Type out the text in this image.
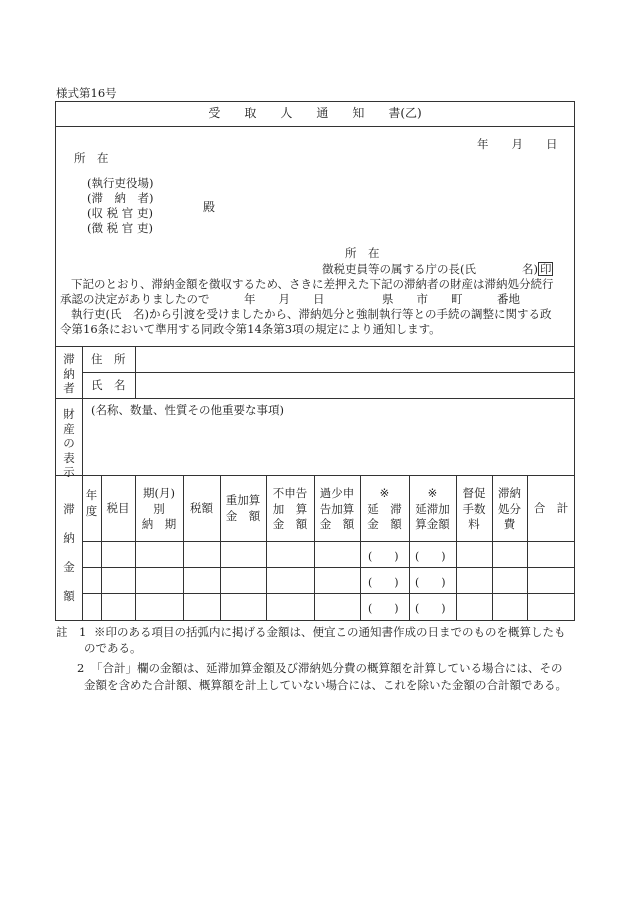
様式第16号
受　　取　　人　　通　　知　　書(乙)
年　　月　　日
所　在
(執行吏役場)
(滞　納　者)
(収 税 官 吏)
(徴 税 官 吏)
殿
所　在
徴税吏員等の属する庁の長(氏　　　　名) 印
下記のとおり、滞納金額を徴収するため、さきに差押えた下記の滞納者の財産は滞納処分続行
承認の決定がありましたので　　　年　　月　　日　　　　　県　　市　　町　　　番地
執行吏(氏　名)から引渡を受けましたから、滞納処分と強制執行等との手続の調整に関する政
令第16条において準用する同政令第14条第3項の規定により通知します。
滞納者
住　所
氏　名
財産の表示
(名称、数量、性質その他重要な事項)
滞　納　金　額
年
度 税目
期(月)
別
納　期
税額
重加算
金　額
不申告
加　算
金　額
過少申
告加算
金　額
※
延　滞
金　額
※
延滞加
算金額
督促
手数
料
滞納
処分
費
合　計
(　　) (　　)
(　　) (　　)
(　　) (　　)
註　1 ※印のある項目の括弧内に掲げる金額は、便宜この通知書作成の日までのものを概算したも
のである。
2 「合計」欄の金額は、延滞加算金額及び滞納処分費の概算額を計算している場合には、その
金額を含めた合計額、概算額を計上していない場合には、これを除いた金額の合計額である。
